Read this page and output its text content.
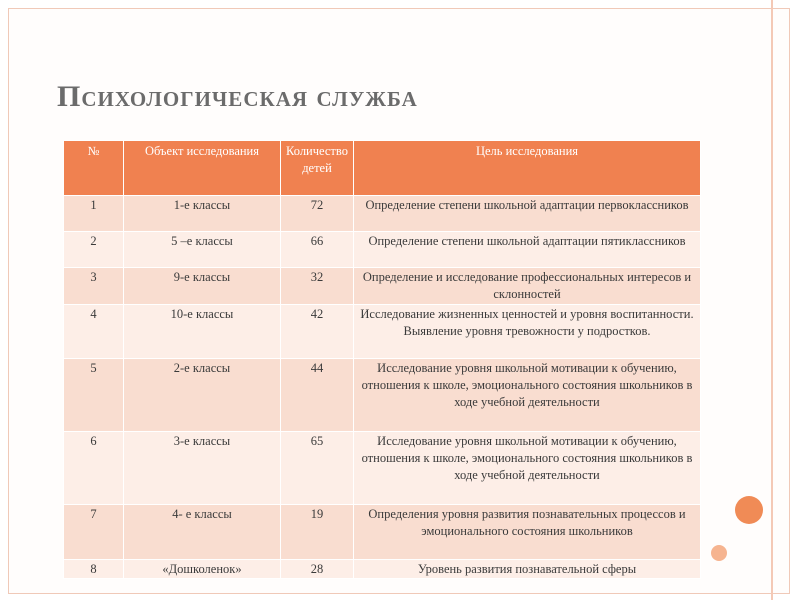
Психологическая служба
№	Объект исследования	Количество детей	Цель исследования
1	1-е классы	72	Определение степени школьной адаптации первоклассников
2	5 –е классы	66	Определение степени школьной адаптации пятиклассников
3	9-е классы	32	Определение и исследование профессиональных интересов и склонностей
4	10-е классы	42	Исследование жизненных ценностей и уровня воспитанности. Выявление уровня тревожности у подростков.
5	2-е классы	44	Исследование уровня школьной мотивации к обучению, отношения к школе, эмоционального состояния школьников в ходе учебной деятельности
6	3-е классы	65	Исследование уровня школьной мотивации к обучению, отношения к школе, эмоционального состояния школьников в ходе учебной деятельности
7	4- е классы	19	Определения уровня развития познавательных процессов и эмоционального состояния школьников
8	«Дошколенок»	28	Уровень развития познавательной сферы
